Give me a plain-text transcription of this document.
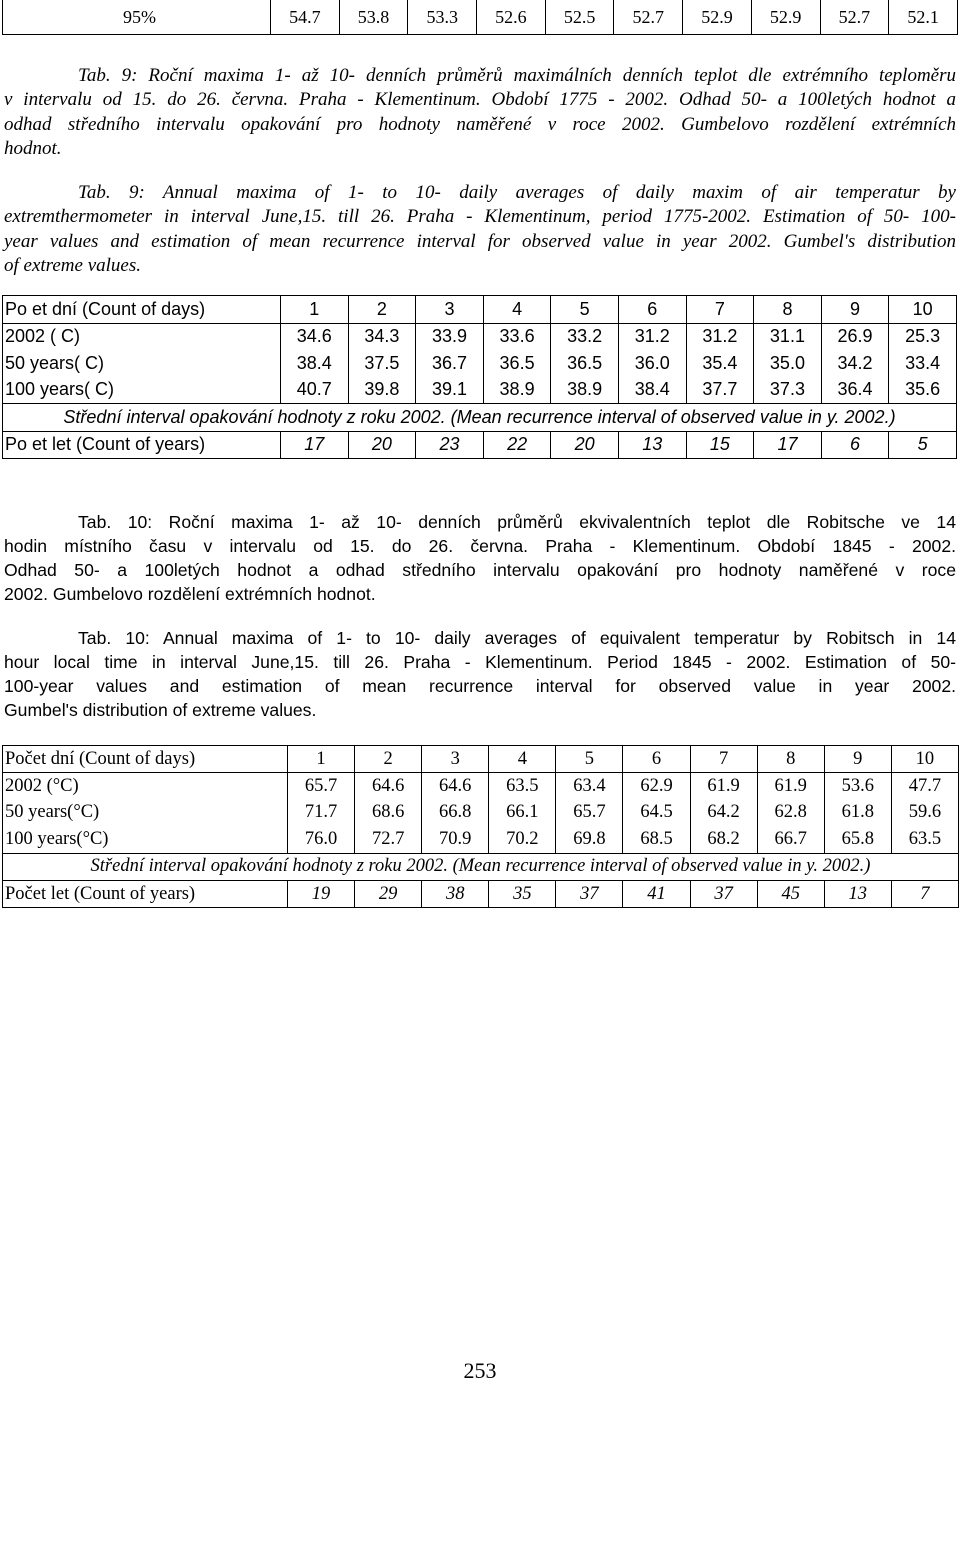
95%	54.7	53.8	53.3	52.6	52.5	52.7	52.9	52.9	52.7	52.1
Tab. 9: Roční maxima 1- až 10- denních průměrů maximálních denních teplot dle extrémního teploměru
v intervalu od 15. do 26. června. Praha - Klementinum. Období 1775 - 2002. Odhad 50- a 100letých hodnot a
odhad středního intervalu opakování pro hodnoty naměřené v roce 2002. Gumbelovo rozdělení extrémních
hodnot.
Tab. 9: Annual maxima of 1- to 10- daily averages of daily maxim of air temperatur by
extremthermometer in interval June,15. till 26. Praha - Klementinum, period 1775-2002. Estimation of 50- 100-
year values and estimation of mean recurrence interval for observed value in year 2002. Gumbel's distribution
of extreme values.
Po et dní (Count of days)	1	2	3	4	5	6	7	8	9	10
2002 ( C)	34.6	34.3	33.9	33.6	33.2	31.2	31.2	31.1	26.9	25.3
50 years( C)	38.4	37.5	36.7	36.5	36.5	36.0	35.4	35.0	34.2	33.4
100 years( C)	40.7	39.8	39.1	38.9	38.9	38.4	37.7	37.3	36.4	35.6
Střední interval opakování hodnoty z roku 2002. (Mean recurrence interval of observed value in y. 2002.)										
Po et let (Count of years)	17	20	23	22	20	13	15	17	6	5
Tab. 10: Roční maxima 1- až 10- denních průměrů ekvivalentních teplot dle Robitsche ve 14
hodin místního času v intervalu od 15. do 26. června. Praha - Klementinum. Období 1845 - 2002.
Odhad 50- a 100letých hodnot a odhad středního intervalu opakování pro hodnoty naměřené v roce
2002. Gumbelovo rozdělení extrémních hodnot.
Tab. 10: Annual maxima of 1- to 10- daily averages of equivalent temperatur by Robitsch in 14
hour local time in interval June,15. till 26. Praha - Klementinum. Period 1845 - 2002. Estimation of 50-
100-year values and estimation of mean recurrence interval for observed value in year 2002.
Gumbel's distribution of extreme values.
Počet dní (Count of days)	1	2	3	4	5	6	7	8	9	10
2002 (°C)	65.7	64.6	64.6	63.5	63.4	62.9	61.9	61.9	53.6	47.7
50 years(°C)	71.7	68.6	66.8	66.1	65.7	64.5	64.2	62.8	61.8	59.6
100 years(°C)	76.0	72.7	70.9	70.2	69.8	68.5	68.2	66.7	65.8	63.5
Střední interval opakování hodnoty z roku 2002. (Mean recurrence interval of observed value in y. 2002.)										
Počet let (Count of years)	19	29	38	35	37	41	37	45	13	7
253
